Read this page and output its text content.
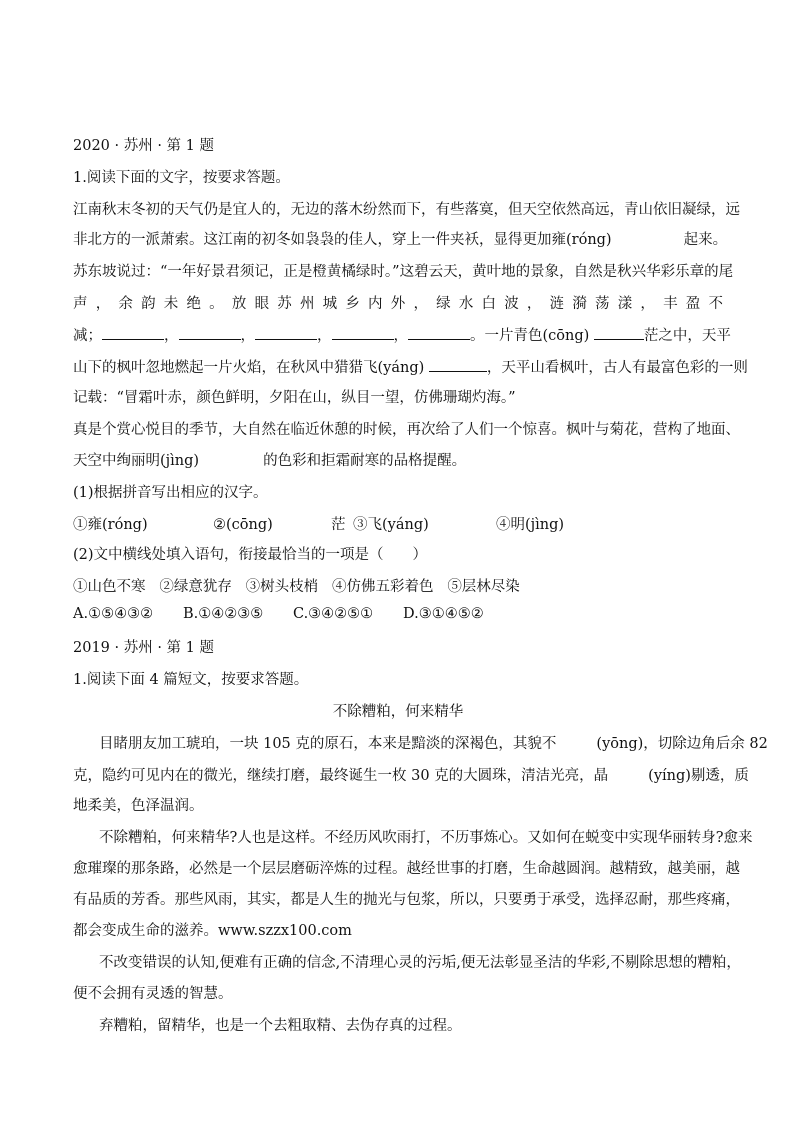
2020 · 苏州 · 第 1 题
1.阅读下面的文字，按要求答题。
江南秋末冬初的天气仍是宜人的，无边的落木纷然而下，有些落寞，但天空依然高远，青山依旧凝绿，远
非北方的一派萧索。这江南的初冬如袅袅的佳人，穿上一件夹袄，显得更加雍(róng)	起来。
苏东坡说过：“一年好景君须记，正是橙黄橘绿时。”这碧云天，黄叶地的景象，自然是秋兴华彩乐章的尾
声 ， 余 韵 未 绝 。 放 眼 苏 州 城 乡 内 外 ， 绿 水 白 波 ， 涟 漪 荡 漾 ， 丰 盈 不
减；	，	，	，	，	。一片青色(cōng)	茫之中，天平
山下的枫叶忽地燃起一片火焰，在秋风中猎猎飞(yáng)	，天平山看枫叶，古人有最富色彩的一则
记载：“冒霜叶赤，颜色鲜明，夕阳在山，纵目一望，仿佛珊瑚灼海。”
真是个赏心悦目的季节，大自然在临近休憩的时候，再次给了人们一个惊喜。枫叶与菊花，营构了地面、
天空中绚丽明(jìng)	的色彩和拒霜耐寒的品格提醒。
(1)根据拼音写出相应的汉字。
①雍(róng)	②(cōng)	茫 ③飞(yáng)	④明(jìng)
(2)文中横线处填入语句，衔接最恰当的一项是（　　）
①山色不寒 ②绿意犹存 ③树头枝梢 ④仿佛五彩着色 ⑤层林尽染
A.①⑤④③② B.①④②③⑤ C.③④②⑤① D.③①④⑤②
2019 · 苏州 · 第 1 题
1.阅读下面 4 篇短文，按要求答题。
不除糟粕，何来精华
目睹朋友加工琥珀，一块 105 克的原石，本来是黯淡的深褐色，其貌不	(yōng)，切除边角后余 82
克，隐约可见内在的微光，继续打磨，最终诞生一枚 30 克的大圆珠，清洁光亮，晶	(yíng)剔透，质
地柔美，色泽温润。
不除糟粕，何来精华?人也是这样。不经历风吹雨打，不历事炼心。又如何在蜕变中实现华丽转身?愈来
愈璀璨的那条路，必然是一个层层磨砺淬炼的过程。越经世事的打磨，生命越圆润。越精致，越美丽，越
有品质的芳香。那些风雨，其实，都是人生的抛光与包浆，所以，只要勇于承受，选择忍耐，那些疼痛，
都会变成生命的滋养。www.szzx100.com
不改变错误的认知,便难有正确的信念,不清理心灵的污垢,便无法彰显圣洁的华彩,不剔除思想的糟粕，
便不会拥有灵透的智慧。
弃糟粕，留精华，也是一个去粗取精、去伪存真的过程。
